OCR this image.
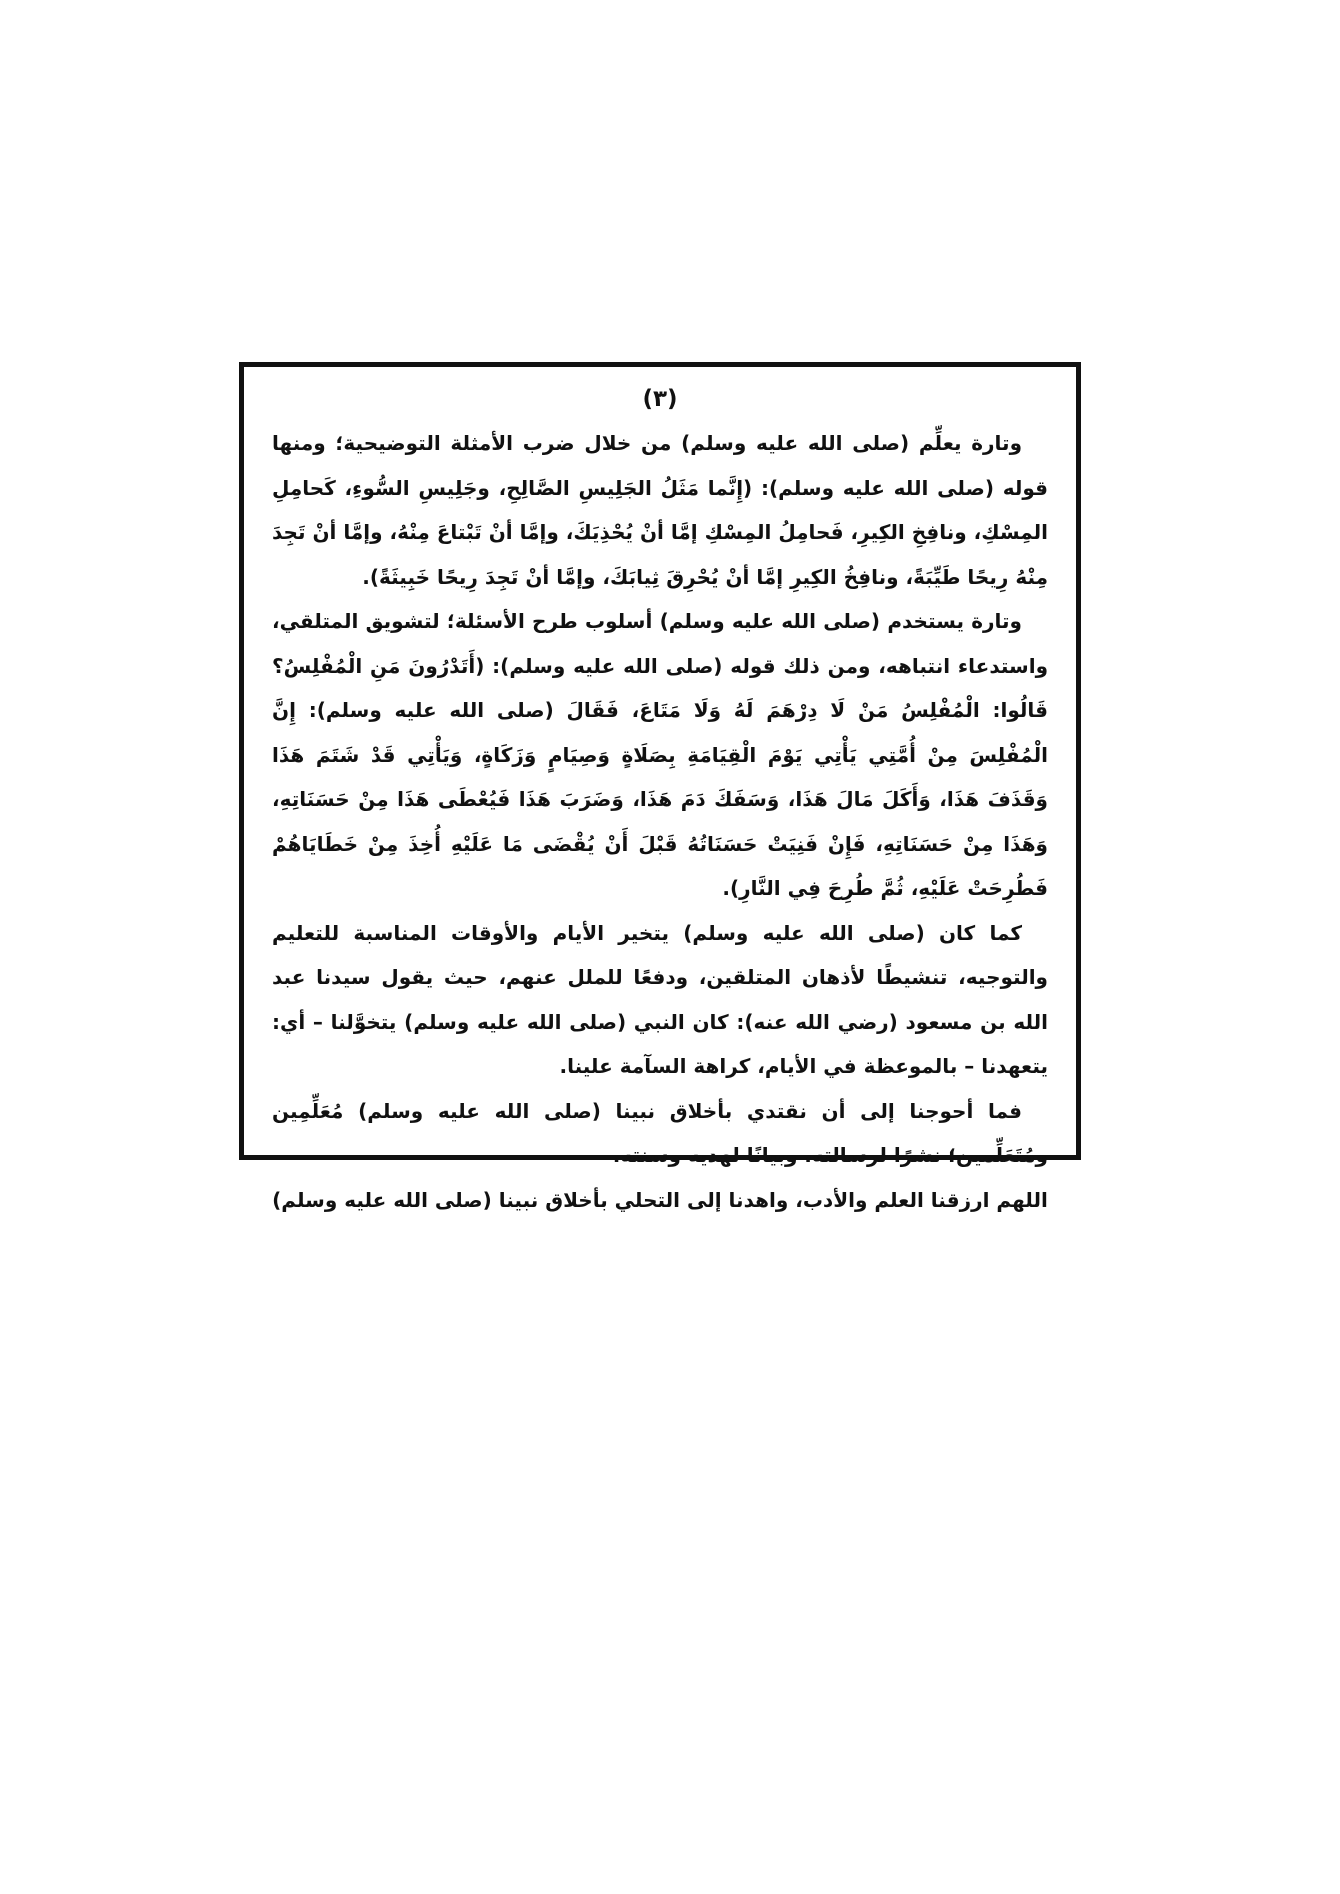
(٣)

وتارة يعلِّم (صلى الله عليه وسلم) من خلال ضرب الأمثلة التوضيحية؛ ومنها قوله (صلى الله عليه وسلم): (إِنَّما مَثَلُ الجَلِيسِ الصَّالِحِ، وجَلِيسِ السُّوءِ، كَحامِلِ المِسْكِ، ونافِخِ الكِيرِ، فَحامِلُ المِسْكِ إمَّا أنْ يُحْذِيَكَ، وإمَّا أنْ تَبْتاعَ مِنْهُ، وإمَّا أنْ تَجِدَ مِنْهُ رِيحًا طَيِّبَةً، ونافِخُ الكِيرِ إمَّا أنْ يُحْرِقَ ثِيابَكَ، وإمَّا أنْ تَجِدَ رِيحًا خَبِيثَةً).

وتارة يستخدم (صلى الله عليه وسلم) أسلوب طرح الأسئلة؛ لتشويق المتلقي، واستدعاء انتباهه، ومن ذلك قوله (صلى الله عليه وسلم): (أَتَدْرُونَ مَنِ الْمُفْلِسُ؟ قَالُوا: الْمُفْلِسُ مَنْ لَا دِرْهَمَ لَهُ وَلَا مَتَاعَ، فَقَالَ (صلى الله عليه وسلم): إِنَّ الْمُفْلِسَ مِنْ أُمَّتِي يَأْتِي يَوْمَ الْقِيَامَةِ بِصَلَاةٍ وَصِيَامٍ وَزَكَاةٍ، وَيَأْتِي قَدْ شَتَمَ هَذَا وَقَذَفَ هَذَا، وَأَكَلَ مَالَ هَذَا، وَسَفَكَ دَمَ هَذَا، وَضَرَبَ هَذَا فَيُعْطَى هَذَا مِنْ حَسَنَاتِهِ، وَهَذَا مِنْ حَسَنَاتِهِ، فَإِنْ فَنِيَتْ حَسَنَاتُهُ قَبْلَ أَنْ يُقْضَى مَا عَلَيْهِ أُخِذَ مِنْ خَطَايَاهُمْ فَطُرِحَتْ عَلَيْهِ، ثُمَّ طُرِحَ فِي النَّارِ).

كما كان (صلى الله عليه وسلم) يتخير الأيام والأوقات المناسبة للتعليم والتوجيه، تنشيطًا لأذهان المتلقين، ودفعًا للملل عنهم، حيث يقول سيدنا عبد الله بن مسعود (رضي الله عنه): كان النبي (صلى الله عليه وسلم) يتخوَّلنا – أي: يتعهدنا – بالموعظة في الأيام، كراهة السآمة علينا.

فما أحوجنا إلى أن نقتدي بأخلاق نبينا (صلى الله عليه وسلم) مُعَلِّمِين ومُتَعَلِّمين؛ نشرًا لرسالته، وبيانًا لهديه وسنته.

اللهم ارزقنا العلم والأدب، واهدنا إلى التحلي بأخلاق نبينا (صلى الله عليه وسلم)
